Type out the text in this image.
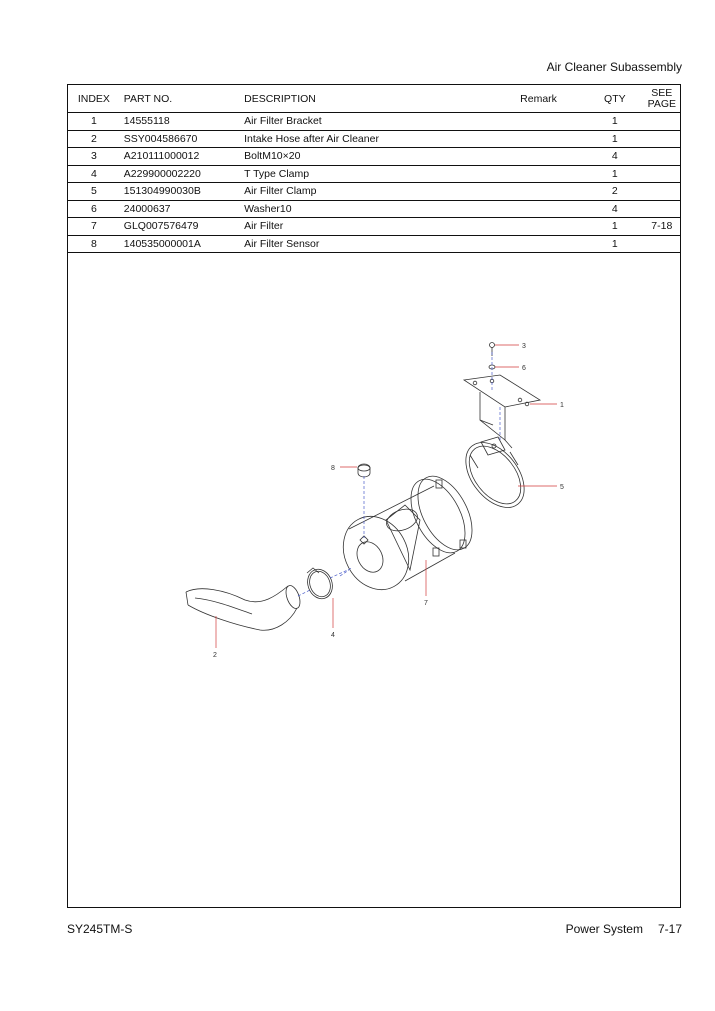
Air Cleaner Subassembly
INDEX	PART NO.	DESCRIPTION	Remark	QTY	SEE
PAGE

1	14555118	Air Filter Bracket		1	
2	SSY004586670	Intake Hose after Air Cleaner		1	
3	A210111000012	BoltM10×20		4	
4	A229900002220	T Type Clamp		1	
5	151304990030B	Air Filter Clamp		2	
6	24000637	Washer10		4	
7	GLQ007576479	Air Filter		1	7-18
8	140535000001A	Air Filter Sensor		1	
3
6
1
5
8
7
4
2
SY245TM-S	Power System 7-17
